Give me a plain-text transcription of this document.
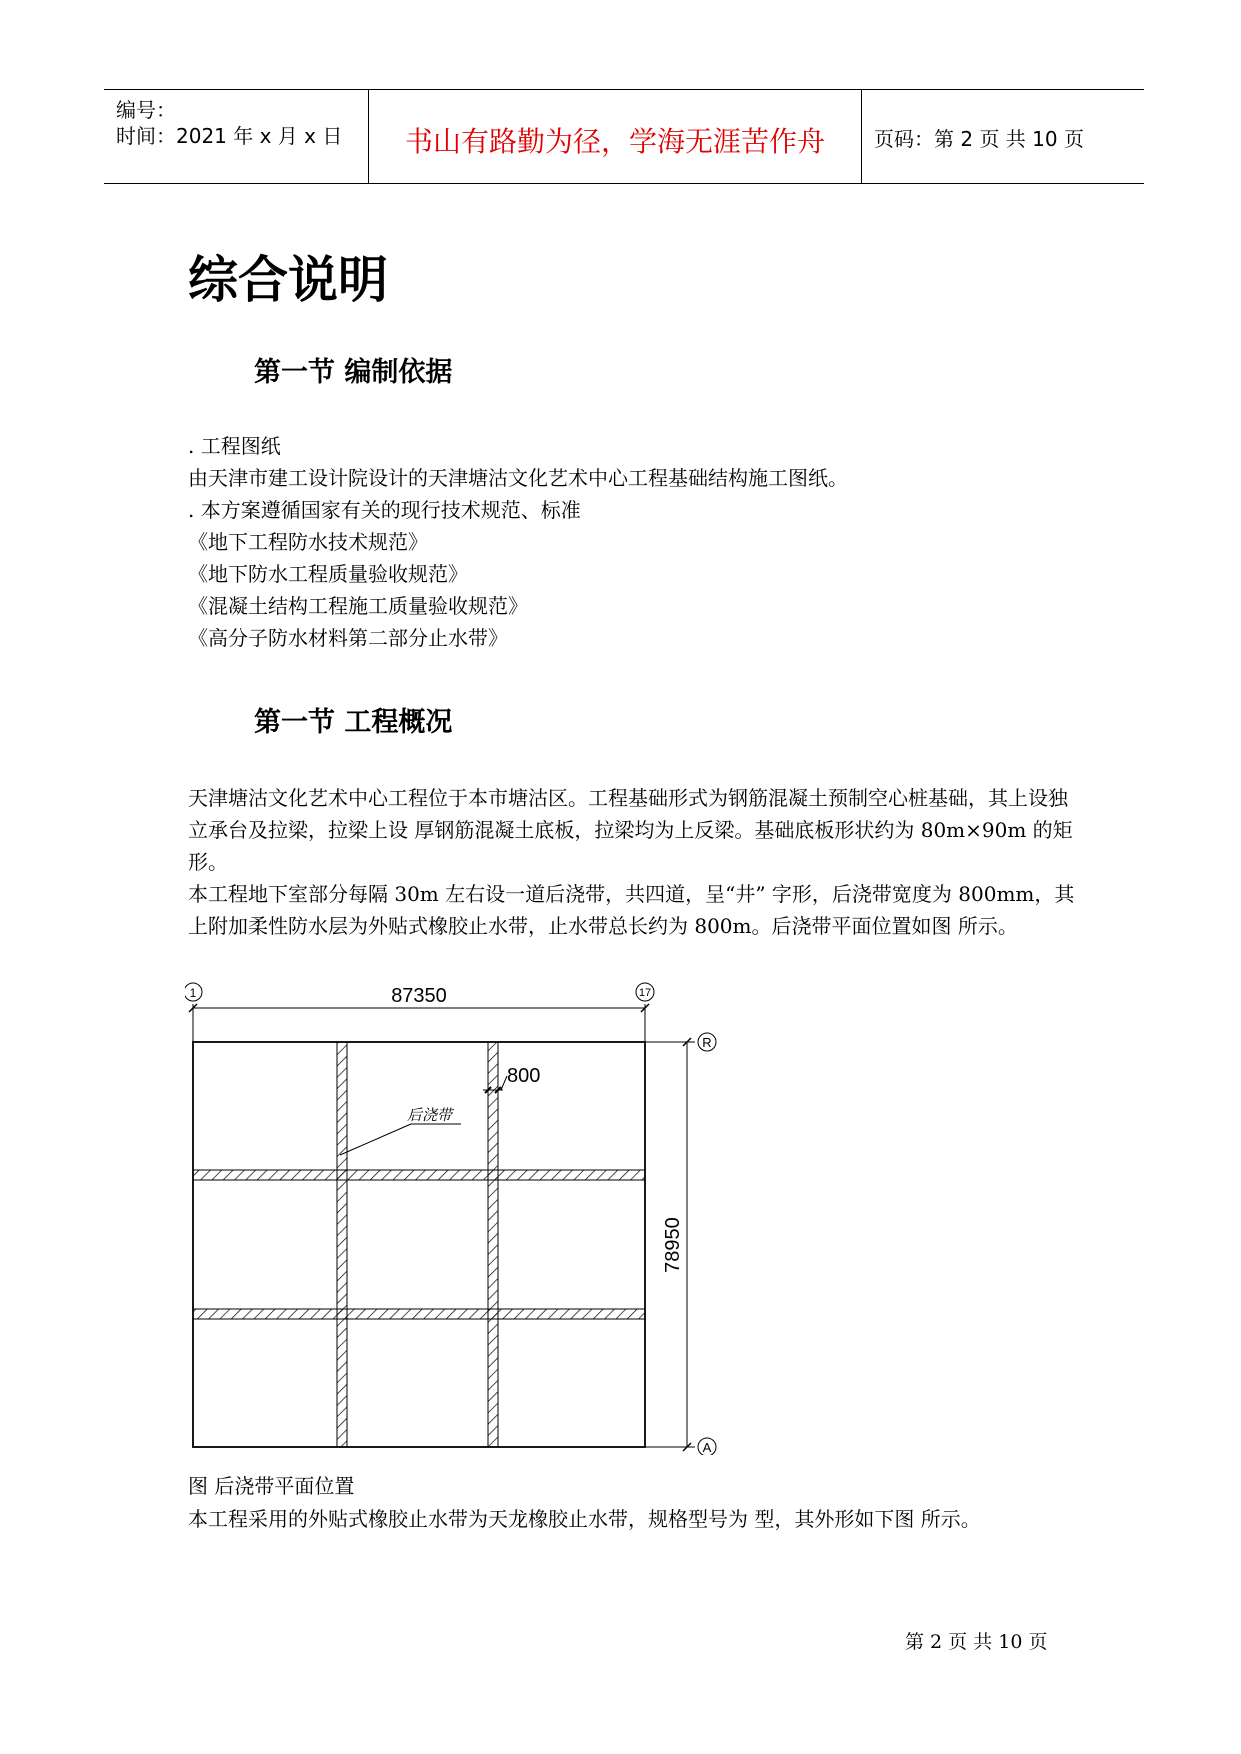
编号：
时间：2021 年 x 月 x 日	书山有路勤为径，学海无涯苦作舟	页码：第 2 页 共 10 页
综合说明
第一节 编制依据
. 工程图纸
由天津市建工设计院设计的天津塘沽文化艺术中心工程基础结构施工图纸。
. 本方案遵循国家有关的现行技术规范、标准
《地下工程防水技术规范》
《地下防水工程质量验收规范》
《混凝土结构工程施工质量验收规范》
《高分子防水材料第二部分止水带》
第一节 工程概况
天津塘沽文化艺术中心工程位于本市塘沽区。工程基础形式为钢筋混凝土预制空心桩基础，其上设独立承台及拉梁，拉梁上设 厚钢筋混凝土底板，拉梁均为上反梁。基础底板形状约为 80m×90m 的矩形。
本工程地下室部分每隔 30m 左右设一道后浇带，共四道，呈“井” 字形，后浇带宽度为 800mm，其上附加柔性防水层为外贴式橡胶止水带，止水带总长约为 800m。后浇带平面位置如图 所示。
87350
1	17
78950
R
A
800
后浇带
图 后浇带平面位置
本工程采用的外贴式橡胶止水带为天龙橡胶止水带，规格型号为 型，其外形如下图 所示。
第 2 页 共 10 页
